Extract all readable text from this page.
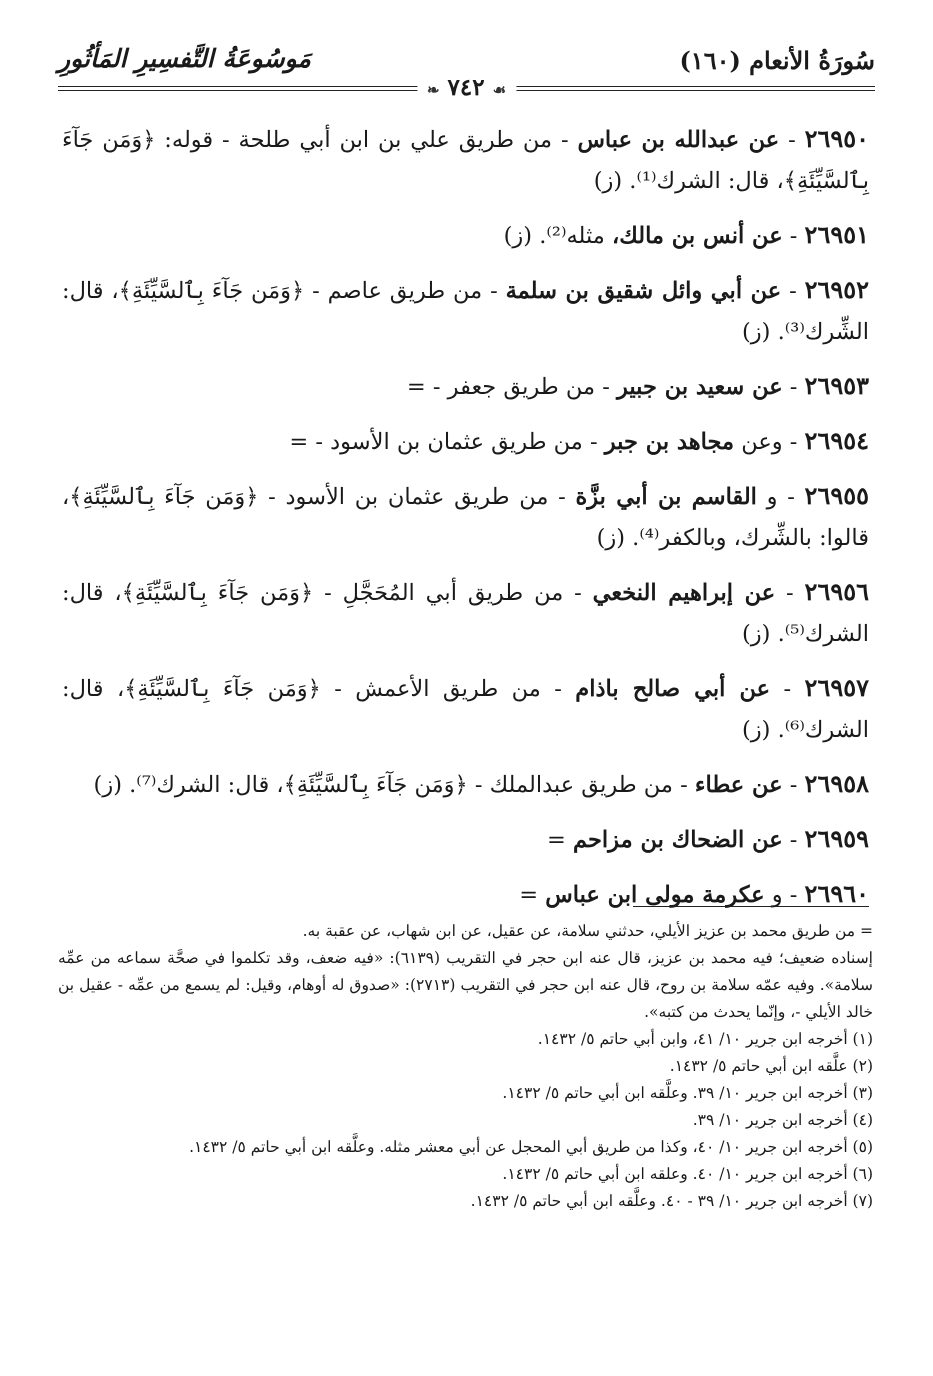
سُورَةُ الأنعام (١٦٠)
مَوسُوعَةُ التَّفسِيرِ المَأثُورِ
☙ ٧٤٢ ❧

٢٦٩٥٠ - عن عبدالله بن عباس - من طريق علي بن ابن أبي طلحة - قوله: ﴿وَمَن جَآءَ بِٱلسَّيِّئَةِ﴾، قال: الشرك⁽¹⁾. (ز)

٢٦٩٥١ - عن أنس بن مالك، مثله⁽²⁾. (ز)

٢٦٩٥٢ - عن أبي وائل شقيق بن سلمة - من طريق عاصم - ﴿وَمَن جَآءَ بِٱلسَّيِّئَةِ﴾، قال: الشِّرك⁽³⁾. (ز)

٢٦٩٥٣ - عن سعيد بن جبير - من طريق جعفر - =

٢٦٩٥٤ - وعن مجاهد بن جبر - من طريق عثمان بن الأسود - =

٢٦٩٥٥ - و القاسم بن أبي بزَّة - من طريق عثمان بن الأسود - ﴿وَمَن جَآءَ بِٱلسَّيِّئَةِ﴾، قالوا: بالشِّرك، وبالكفر⁽⁴⁾. (ز)

٢٦٩٥٦ - عن إبراهيم النخعي - من طريق أبي المُحَجَّلِ - ﴿وَمَن جَآءَ بِٱلسَّيِّئَةِ﴾، قال: الشرك⁽⁵⁾. (ز)

٢٦٩٥٧ - عن أبي صالح باذام - من طريق الأعمش - ﴿وَمَن جَآءَ بِٱلسَّيِّئَةِ﴾، قال: الشرك⁽⁶⁾. (ز)

٢٦٩٥٨ - عن عطاء - من طريق عبدالملك - ﴿وَمَن جَآءَ بِٱلسَّيِّئَةِ﴾، قال: الشرك⁽⁷⁾. (ز)

٢٦٩٥٩ - عن الضحاك بن مزاحم =

٢٦٩٦٠ - و عكرمة مولى ابن عباس =

= من طريق محمد بن عزيز الأيلي، حدثني سلامة، عن عقيل، عن ابن شهاب، عن عقبة به.

إسناده ضعيف؛ فيه محمد بن عزيز، قال عنه ابن حجر في التقريب (٦١٣٩): «فيه ضعف، وقد تكلموا في صحَّة سماعه من عمِّه سلامة». وفيه عمّه سلامة بن روح، قال عنه ابن حجر في التقريب (٢٧١٣): «صدوق له أوهام، وقيل: لم يسمع من عمِّه - عقيل بن خالد الأيلي -، وإنّما يحدث من كتبه».

(١) أخرجه ابن جرير ١٠/ ٤١، وابن أبي حاتم ٥/ ١٤٣٢.

(٢) علَّقه ابن أبي حاتم ٥/ ١٤٣٢.

(٣) أخرجه ابن جرير ١٠/ ٣٩. وعلَّقه ابن أبي حاتم ٥/ ١٤٣٢.

(٤) أخرجه ابن جرير ١٠/ ٣٩.

(٥) أخرجه ابن جرير ١٠/ ٤٠، وكذا من طريق أبي المحجل عن أبي معشر مثله. وعلَّقه ابن أبي حاتم ٥/ ١٤٣٢.

(٦) أخرجه ابن جرير ١٠/ ٤٠. وعلقه ابن أبي حاتم ٥/ ١٤٣٢.

(٧) أخرجه ابن جرير ١٠/ ٣٩ - ٤٠. وعلَّقه ابن أبي حاتم ٥/ ١٤٣٢.
